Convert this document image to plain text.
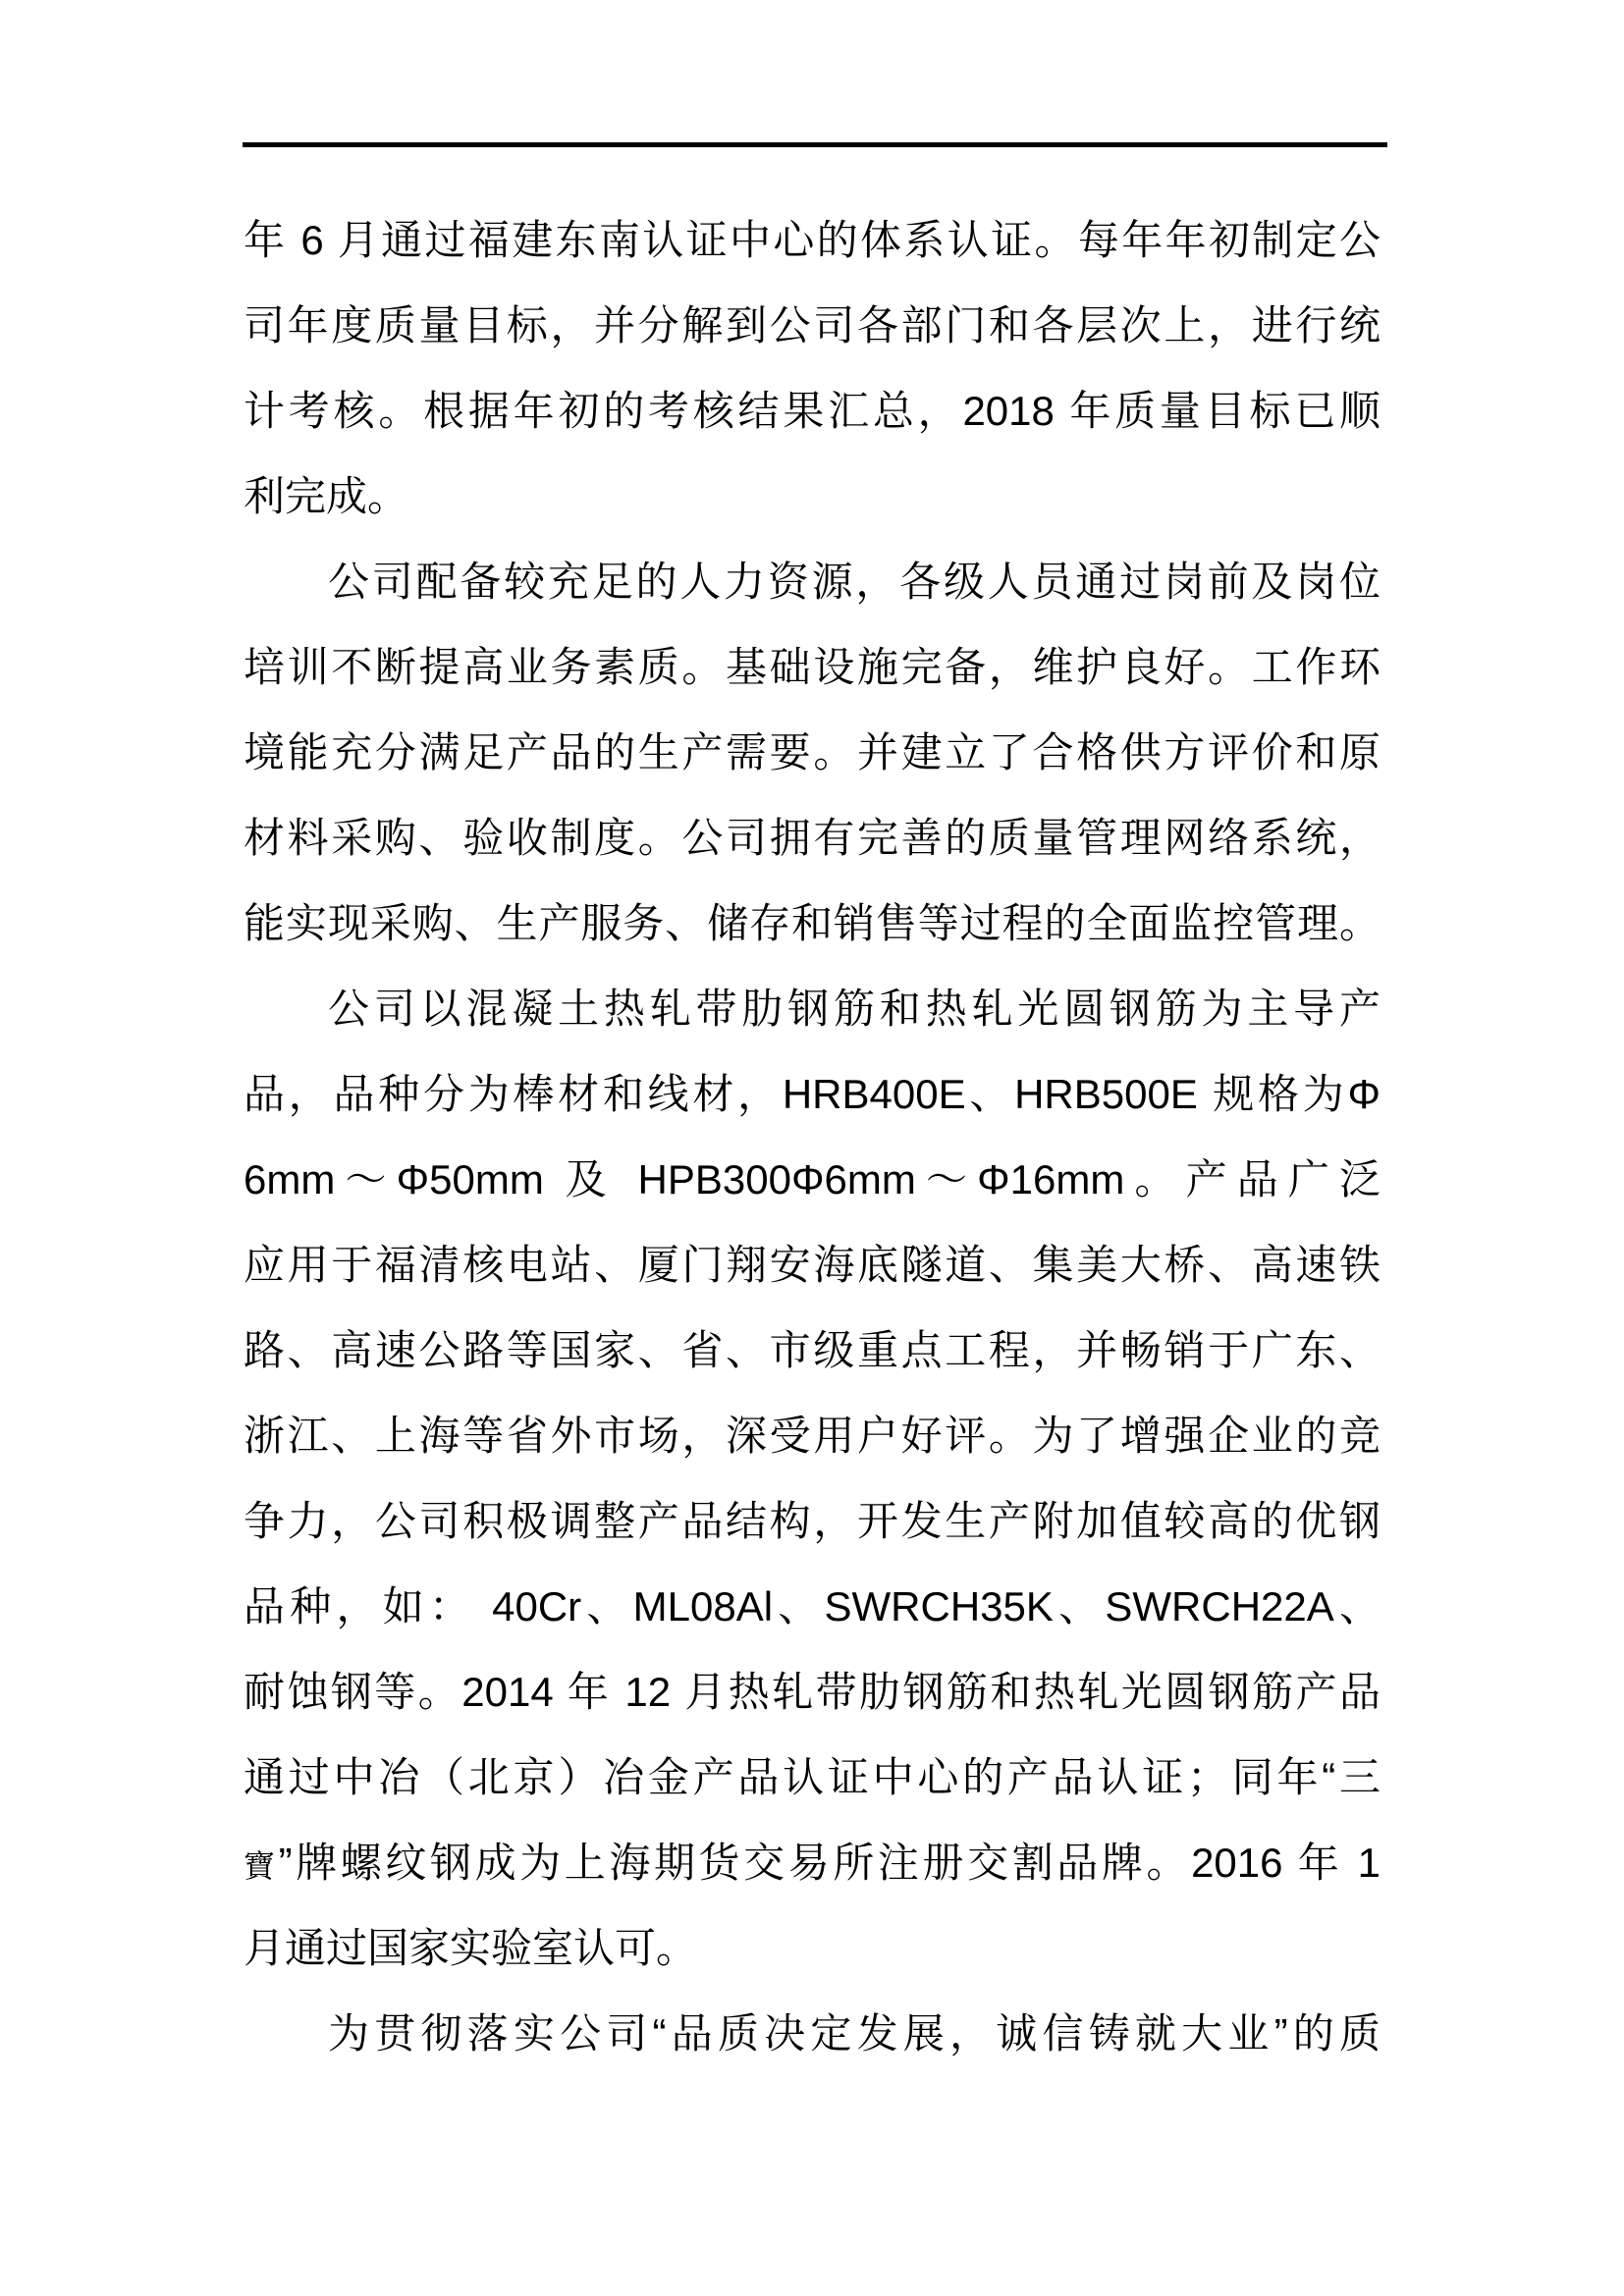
年 6 月通过福建东南认证中心的体系认证。每年年初制定公
司年度质量目标，并分解到公司各部门和各层次上，进行统
计考核。根据年初的考核结果汇总，2018 年质量目标已顺
利完成。
公司配备较充足的人力资源，各级人员通过岗前及岗位
培训不断提高业务素质。基础设施完备，维护良好。工作环
境能充分满足产品的生产需要。并建立了合格供方评价和原
材料采购、验收制度。公司拥有完善的质量管理网络系统，
能实现采购、生产服务、储存和销售等过程的全面监控管理。
公司以混凝土热轧带肋钢筋和热轧光圆钢筋为主导产
品，品种分为棒材和线材，HRB400E、HRB500E 规格为Φ
6mm～Φ50mm 及 HPB300Φ6mm～Φ16mm。产品广泛
应用于福清核电站、厦门翔安海底隧道、集美大桥、高速铁
路、高速公路等国家、省、市级重点工程，并畅销于广东、
浙江、上海等省外市场，深受用户好评。为了增强企业的竞
争力，公司积极调整产品结构，开发生产附加值较高的优钢
品种，如： 40Cr、ML08Al、SWRCH35K、SWRCH22A、
耐蚀钢等。2014 年 12 月热轧带肋钢筋和热轧光圆钢筋产品
通过中冶（北京）冶金产品认证中心的产品认证；同年“三
寶”牌螺纹钢成为上海期货交易所注册交割品牌。2016 年 1
月通过国家实验室认可。
为贯彻落实公司“品质决定发展，诚信铸就大业”的质
